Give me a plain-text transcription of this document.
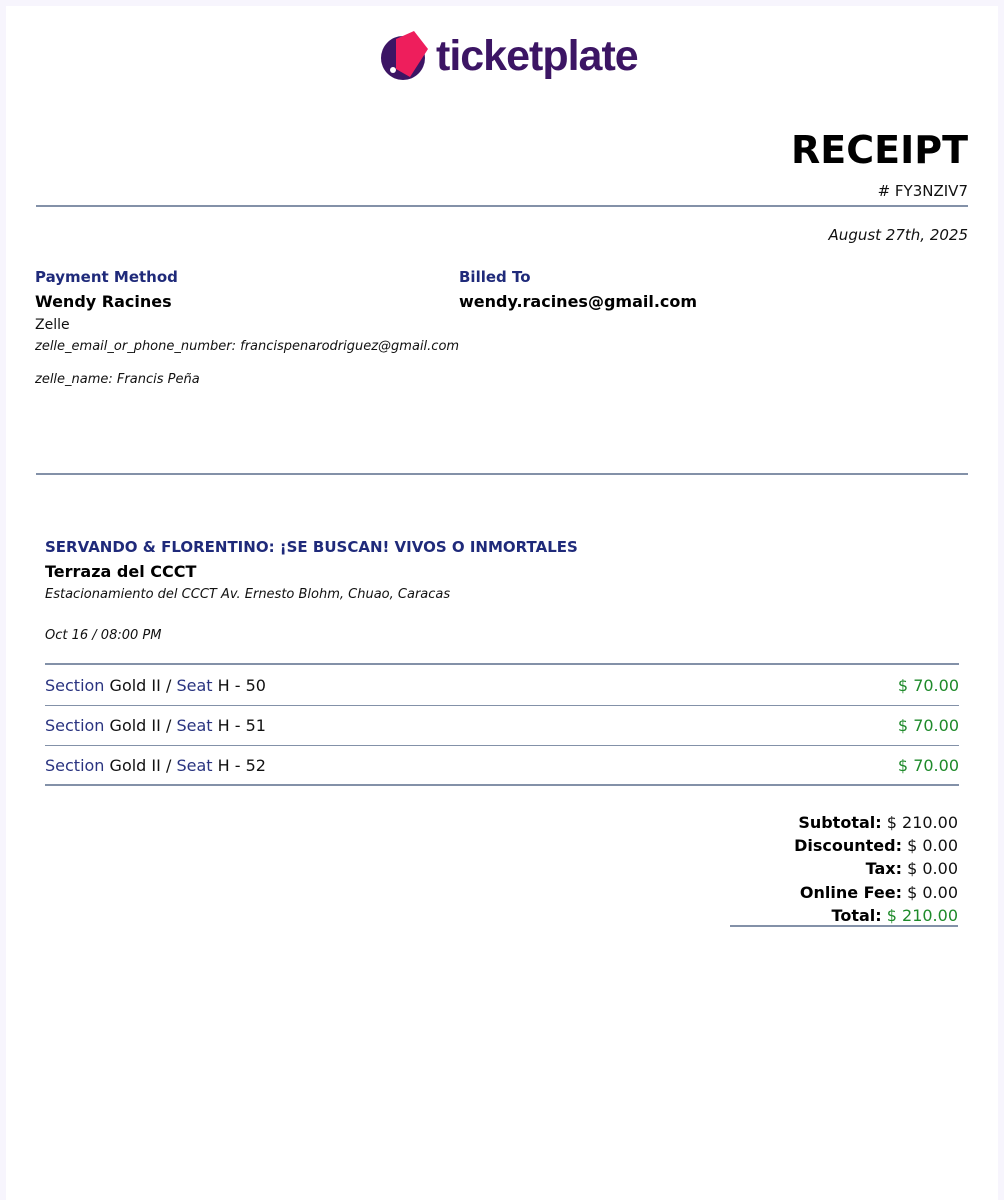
ticketplate
RECEIPT
# FY3NZIV7
August 27th, 2025
Payment Method
Wendy Racines
Zelle
zelle_email_or_phone_number: francispenarodriguez@gmail.com
zelle_name: Francis Peña
Billed To
wendy.racines@gmail.com
SERVANDO & FLORENTINO: ¡SE BUSCAN! VIVOS O INMORTALES
Terraza del CCCT
Estacionamiento del CCCT Av. Ernesto Blohm, Chuao, Caracas
Oct 16 / 08:00 PM
Section Gold II / Seat H - 50	$ 70.00
Section Gold II / Seat H - 51	$ 70.00
Section Gold II / Seat H - 52	$ 70.00
Subtotal: $ 210.00
Discounted: $ 0.00
Tax: $ 0.00
Online Fee: $ 0.00
Total: $ 210.00
